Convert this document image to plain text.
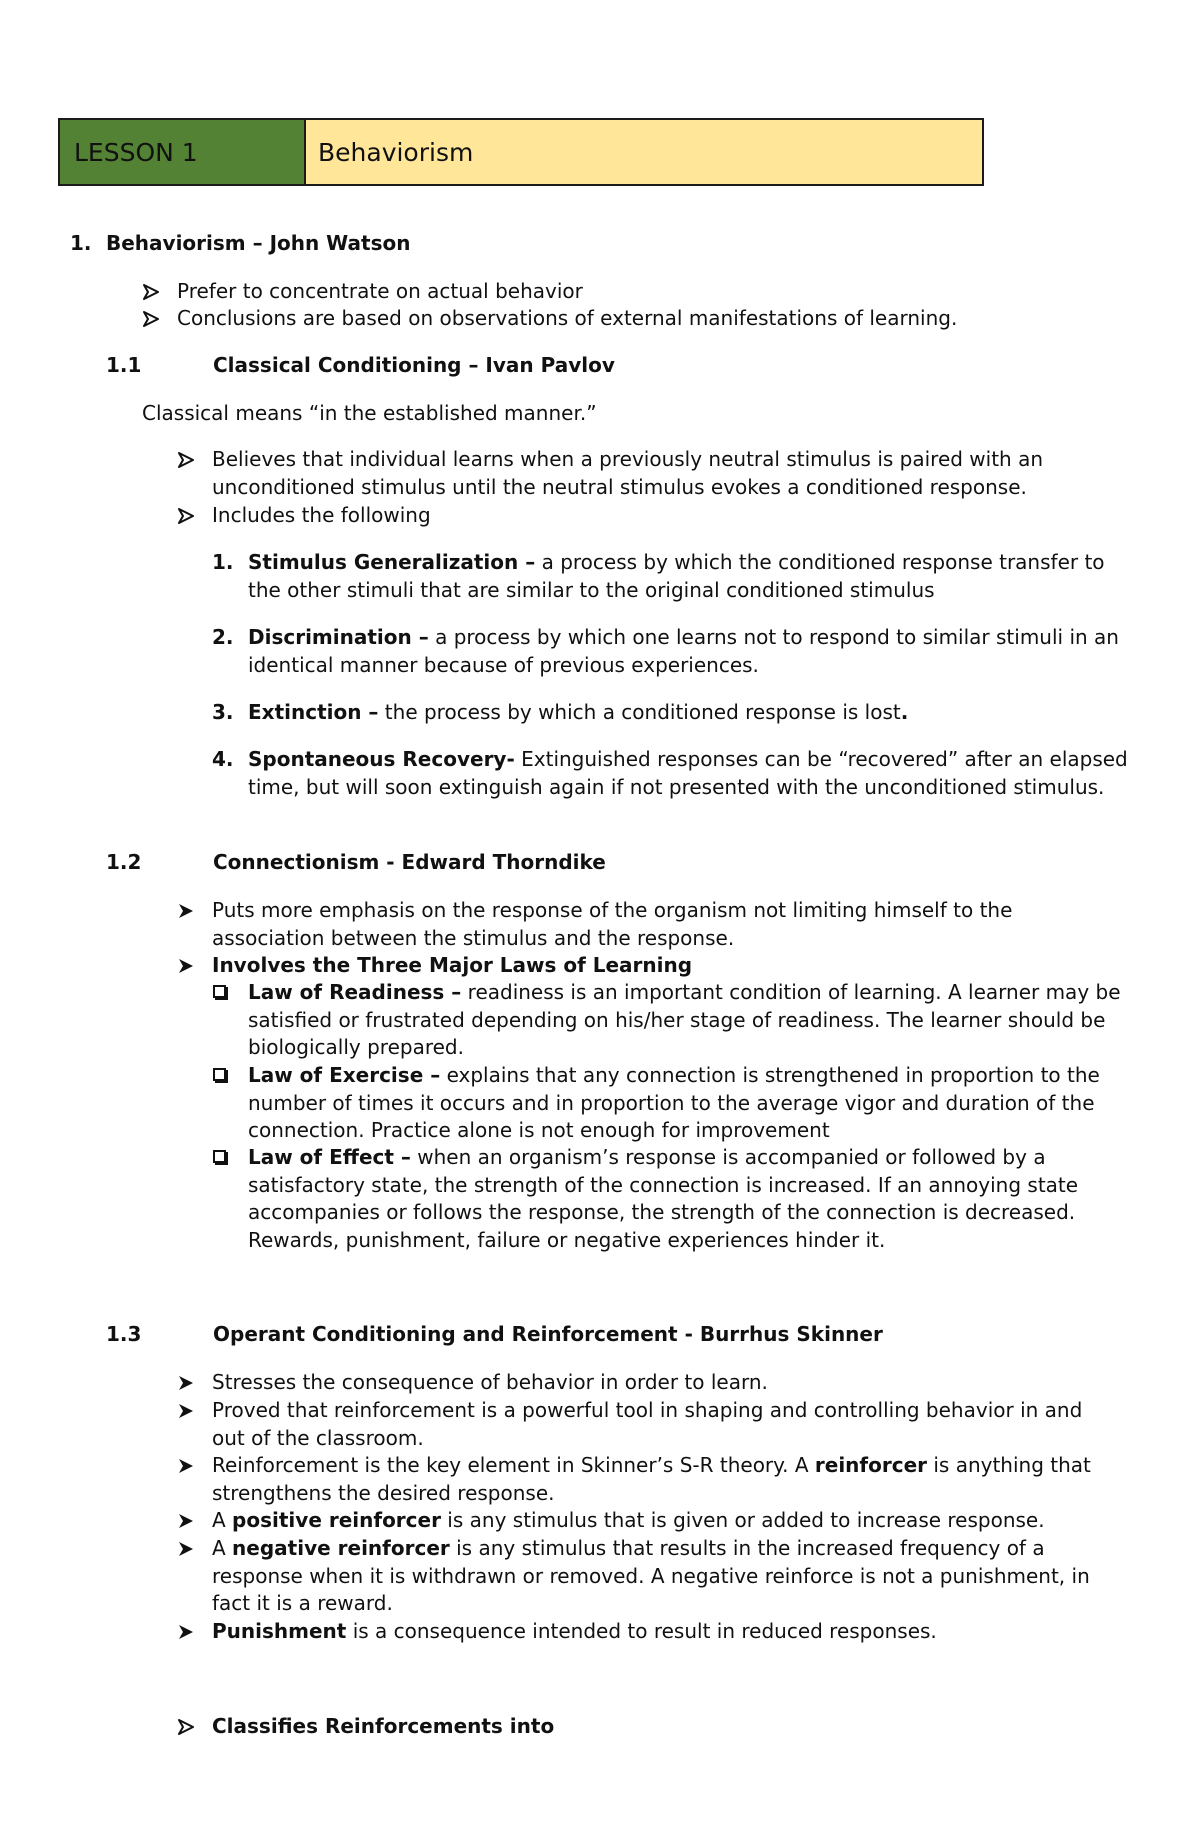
LESSON 1	Behaviorism
1. Behaviorism – John Watson
Prefer to concentrate on actual behavior
Conclusions are based on observations of external manifestations of learning.
1.1	Classical Conditioning – Ivan Pavlov
Classical means “in the established manner.”
Believes that individual learns when a previously neutral stimulus is paired with an unconditioned stimulus until the neutral stimulus evokes a conditioned response.
Includes the following
1. Stimulus Generalization – a process by which the conditioned response transfer to the other stimuli that are similar to the original conditioned stimulus
2. Discrimination – a process by which one learns not to respond to similar stimuli in an identical manner because of previous experiences.
3. Extinction – the process by which a conditioned response is lost.
4. Spontaneous Recovery- Extinguished responses can be “recovered” after an elapsed time, but will soon extinguish again if not presented with the unconditioned stimulus.
1.2	Connectionism - Edward Thorndike
Puts more emphasis on the response of the organism not limiting himself to the association between the stimulus and the response.
Involves the Three Major Laws of Learning
Law of Readiness – readiness is an important condition of learning. A learner may be satisfied or frustrated depending on his/her stage of readiness. The learner should be biologically prepared.
Law of Exercise – explains that any connection is strengthened in proportion to the number of times it occurs and in proportion to the average vigor and duration of the connection. Practice alone is not enough for improvement
Law of Effect – when an organism’s response is accompanied or followed by a satisfactory state, the strength of the connection is increased. If an annoying state accompanies or follows the response, the strength of the connection is decreased. Rewards, punishment, failure or negative experiences hinder it.
1.3	Operant Conditioning and Reinforcement - Burrhus Skinner
Stresses the consequence of behavior in order to learn.
Proved that reinforcement is a powerful tool in shaping and controlling behavior in and out of the classroom.
Reinforcement is the key element in Skinner’s S-R theory. A reinforcer is anything that strengthens the desired response.
A positive reinforcer is any stimulus that is given or added to increase response.
A negative reinforcer is any stimulus that results in the increased frequency of a response when it is withdrawn or removed. A negative reinforce is not a punishment, in fact it is a reward.
Punishment is a consequence intended to result in reduced responses.
Classifies Reinforcements into
